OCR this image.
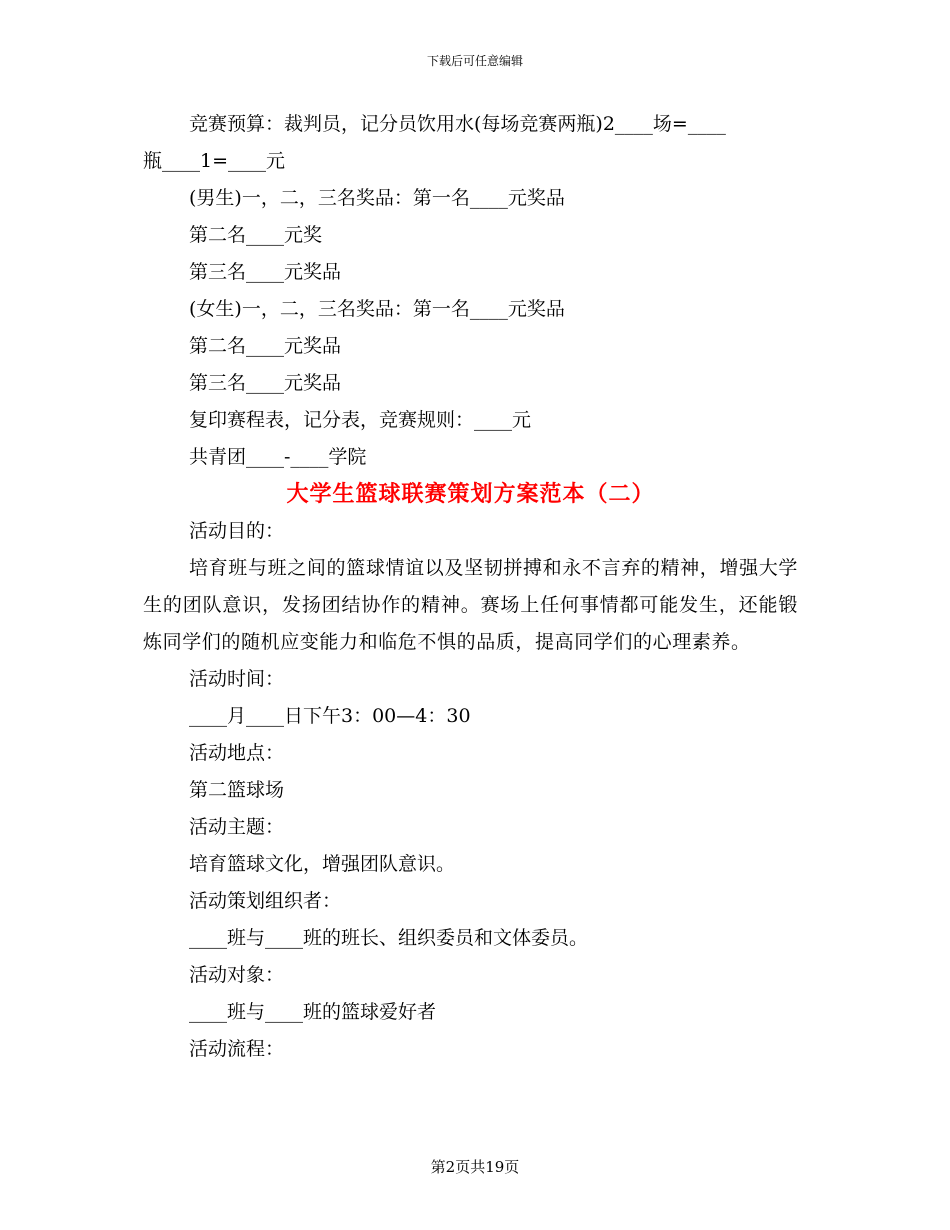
下载后可任意编辑
竞赛预算：裁判员，记分员饮用水(每场竞赛两瓶)2____场=____
瓶____1=____元
(男生)一，二，三名奖品：第一名____元奖品
第二名____元奖
第三名____元奖品
(女生)一，二，三名奖品：第一名____元奖品
第二名____元奖品
第三名____元奖品
复印赛程表，记分表，竞赛规则：____元
共青团____-____学院
大学生篮球联赛策划方案范本（二）
活动目的：
培育班与班之间的篮球情谊以及坚韧拼搏和永不言弃的精神，增强大学生的团队意识，发扬团结协作的精神。赛场上任何事情都可能发生，还能锻炼同学们的随机应变能力和临危不惧的品质，提高同学们的心理素养。
活动时间：
____月____日下午3：00—4：30
活动地点：
第二篮球场
活动主题：
培育篮球文化，增强团队意识。
活动策划组织者：
____班与____班的班长、组织委员和文体委员。
活动对象：
____班与____班的篮球爱好者
活动流程：
第2页共19页
